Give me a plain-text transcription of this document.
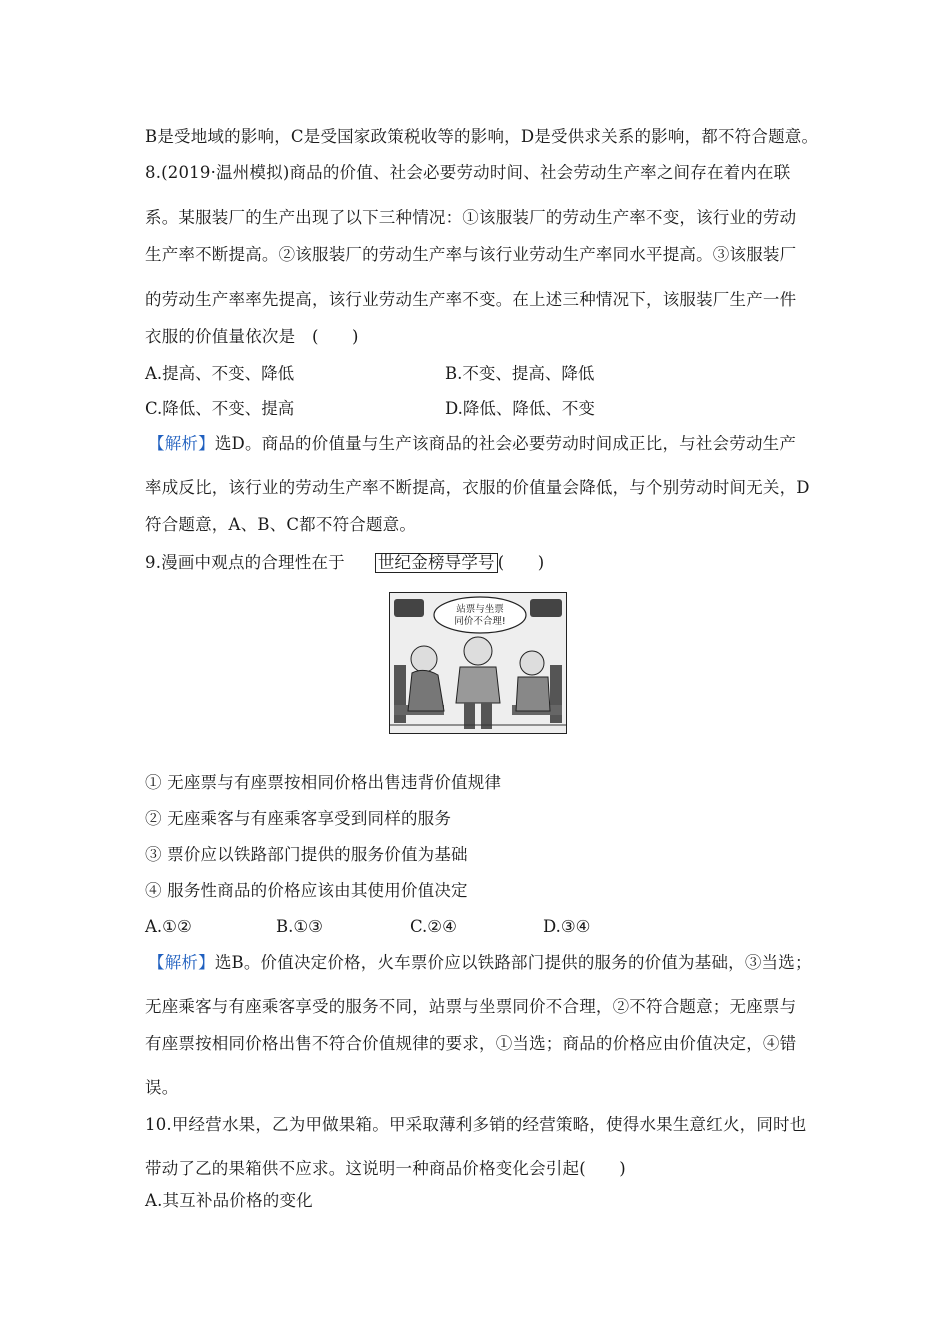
B是受地域的影响，C是受国家政策税收等的影响，D是受供求关系的影响，都不符合题意。
8.(2019·温州模拟)商品的价值、社会必要劳动时间、社会劳动生产率之间存在着内在联
系。某服装厂的生产出现了以下三种情况：①该服装厂的劳动生产率不变，该行业的劳动
生产率不断提高。②该服装厂的劳动生产率与该行业劳动生产率同水平提高。③该服装厂
的劳动生产率率先提高，该行业劳动生产率不变。在上述三种情况下，该服装厂生产一件
衣服的价值量依次是　(　　)
A.提高、不变、降低	B.不变、提高、降低
C.降低、不变、提高	D.降低、降低、不变
【解析】选D。商品的价值量与生产该商品的社会必要劳动时间成正比，与社会劳动生产
率成反比，该行业的劳动生产率不断提高，衣服的价值量会降低，与个别劳动时间无关，D
符合题意，A、B、C都不符合题意。
9.漫画中观点的合理性在于 世纪金榜导学号 (　　)
站票与坐票
同价不合理!
① 无座票与有座票按相同价格出售违背价值规律
② 无座乘客与有座乘客享受到同样的服务
③ 票价应以铁路部门提供的服务价值为基础
④ 服务性商品的价格应该由其使用价值决定
A.①②	B.①③	C.②④	D.③④
【解析】选B。价值决定价格，火车票价应以铁路部门提供的服务的价值为基础，③当选；
无座乘客与有座乘客享受的服务不同，站票与坐票同价不合理，②不符合题意；无座票与
有座票按相同价格出售不符合价值规律的要求，①当选；商品的价格应由价值决定，④错
误。
10.甲经营水果，乙为甲做果箱。甲采取薄利多销的经营策略，使得水果生意红火，同时也
带动了乙的果箱供不应求。这说明一种商品价格变化会引起(　　)
A.其互补品价格的变化
